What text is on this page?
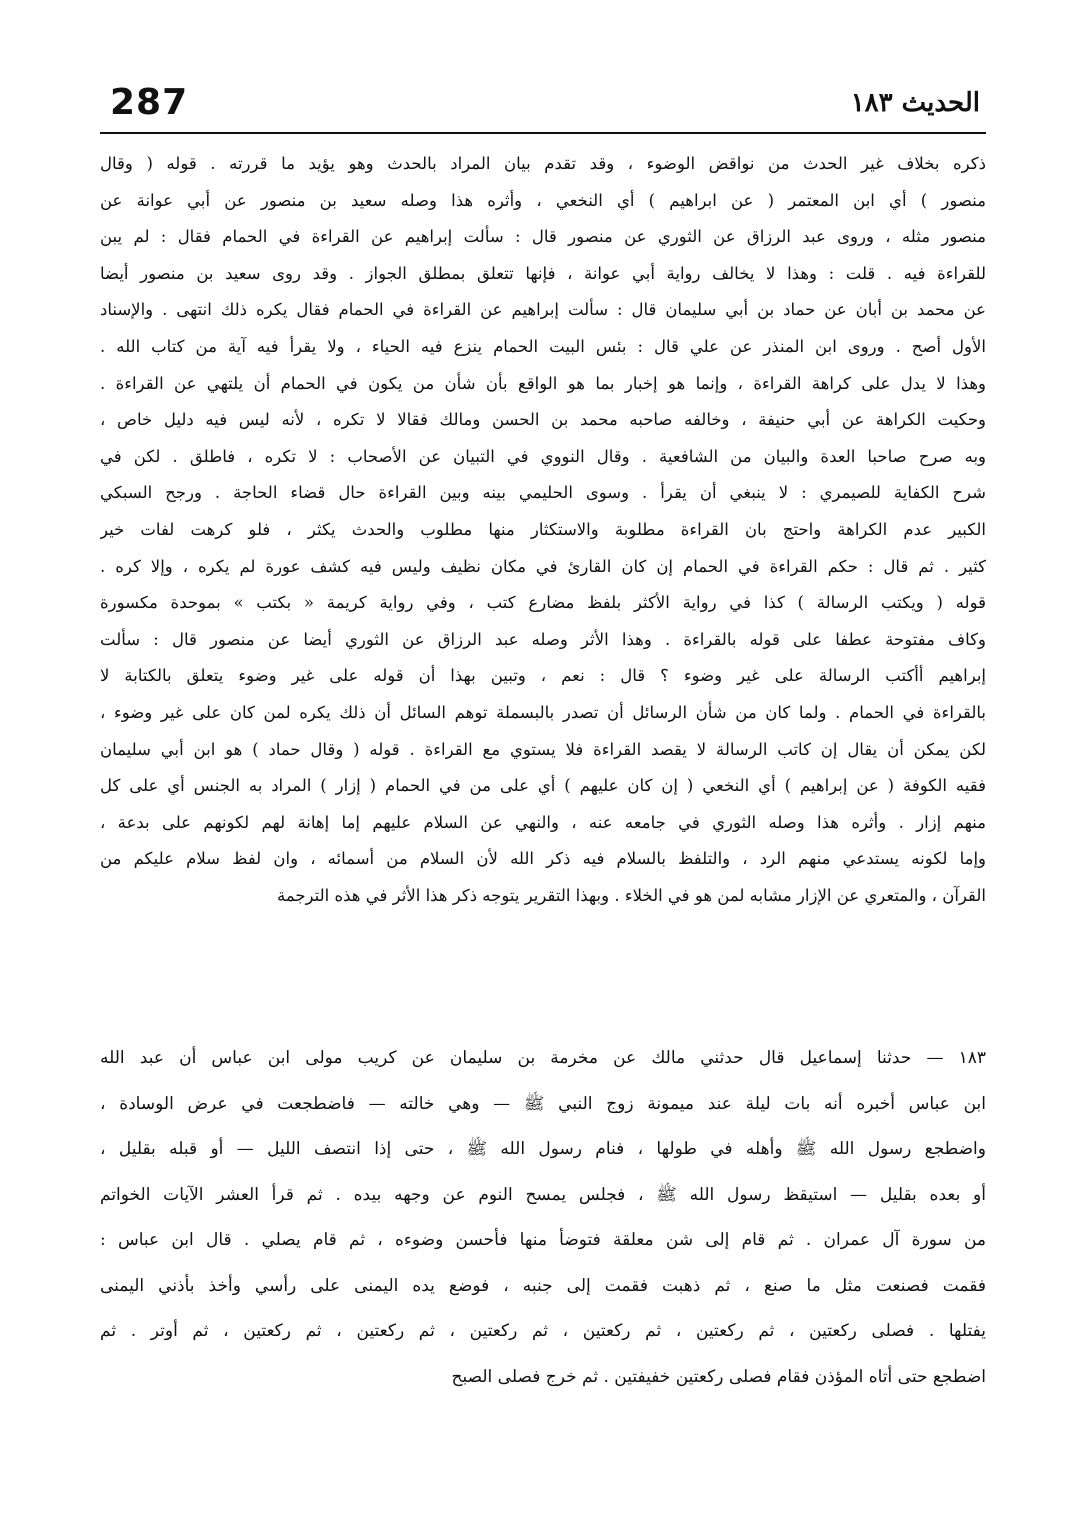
287	الحديث ١٨٣
ذكره بخلاف غير الحدث من نواقض الوضوء ، وقد تقدم بيان المراد بالحدث وهو يؤيد ما قررته . قوله ( وقال
منصور ) أي ابن المعتمر ( عن ابراهيم ) أي النخعي ، وأثره هذا وصله سعيد بن منصور عن أبي عوانة عن
منصور مثله ، وروى عبد الرزاق عن الثوري عن منصور قال : سألت إبراهيم عن القراءة في الحمام فقال : لم يبن
للقراءة فيه . قلت : وهذا لا يخالف رواية أبي عوانة ، فإنها تتعلق بمطلق الجواز . وقد روى سعيد بن منصور أيضا
عن محمد بن أبان عن حماد بن أبي سليمان قال : سألت إبراهيم عن القراءة في الحمام فقال يكره ذلك انتهى . والإسناد
الأول أصح . وروى ابن المنذر عن علي قال : بئس البيت الحمام ينزع فيه الحياء ، ولا يقرأ فيه آية من كتاب الله .
وهذا لا يدل على كراهة القراءة ، وإنما هو إخبار بما هو الواقع بأن شأن من يكون في الحمام أن يلتهي عن القراءة .
وحكيت الكراهة عن أبي حنيفة ، وخالفه صاحبه محمد بن الحسن ومالك فقالا لا تكره ، لأنه ليس فيه دليل خاص ،
وبه صرح صاحبا العدة والبيان من الشافعية . وقال النووي في التبيان عن الأصحاب : لا تكره ، فاطلق . لكن في
شرح الكفاية للصيمري : لا ينبغي أن يقرأ . وسوى الحليمي بينه وبين القراءة حال قضاء الحاجة . ورجح السبكي
الكبير عدم الكراهة واحتج بان القراءة مطلوبة والاستكثار منها مطلوب والحدث يكثر ، فلو كرهت لفات خير
كثير . ثم قال : حكم القراءة في الحمام إن كان القارئ في مكان نظيف وليس فيه كشف عورة لم يكره ، وإلا كره .
قوله ( ويكتب الرسالة ) كذا في رواية الأكثر بلفظ مضارع كتب ، وفي رواية كريمة « بكتب » بموحدة مكسورة
وكاف مفتوحة عطفا على قوله بالقراءة . وهذا الأثر وصله عبد الرزاق عن الثوري أيضا عن منصور قال : سألت
إبراهيم أأكتب الرسالة على غير وضوء ؟ قال : نعم ، وتبين بهذا أن قوله على غير وضوء يتعلق بالكتابة لا
بالقراءة في الحمام . ولما كان من شأن الرسائل أن تصدر بالبسملة توهم السائل أن ذلك يكره لمن كان على غير وضوء ،
لكن يمكن أن يقال إن كاتب الرسالة لا يقصد القراءة فلا يستوي مع القراءة . قوله ( وقال حماد ) هو ابن أبي سليمان
فقيه الكوفة ( عن إبراهيم ) أي النخعي ( إن كان عليهم ) أي على من في الحمام ( إزار ) المراد به الجنس أي على كل
منهم إزار . وأثره هذا وصله الثوري في جامعه عنه ، والنهي عن السلام عليهم إما إهانة لهم لكونهم على بدعة ،
وإما لكونه يستدعي منهم الرد ، والتلفظ بالسلام فيه ذكر الله لأن السلام من أسمائه ، وان لفظ سلام عليكم من
القرآن ، والمتعري عن الإزار مشابه لمن هو في الخلاء . وبهذا التقرير يتوجه ذكر هذا الأثر في هذه الترجمة
١٨٣ — حدثنا إسماعيل قال حدثني مالك عن مخرمة بن سليمان عن كريب مولى ابن عباس أن عبد الله
ابن عباس أخبره أنه بات ليلة عند ميمونة زوج النبي ﷺ — وهي خالته — فاضطجعت في عرض الوسادة ،
واضطجع رسول الله ﷺ وأهله في طولها ، فنام رسول الله ﷺ ، حتى إذا انتصف الليل — أو قبله بقليل ،
أو بعده بقليل — استيقظ رسول الله ﷺ ، فجلس يمسح النوم عن وجهه بيده . ثم قرأ العشر الآيات الخواتم
من سورة آل عمران . ثم قام إلى شن معلقة فتوضأ منها فأحسن وضوءه ، ثم قام يصلي . قال ابن عباس :
فقمت فصنعت مثل ما صنع ، ثم ذهبت فقمت إلى جنبه ، فوضع يده اليمنى على رأسي وأخذ بأذني اليمنى
يفتلها . فصلى ركعتين ، ثم ركعتين ، ثم ركعتين ، ثم ركعتين ، ثم ركعتين ، ثم ركعتين ، ثم أوتر . ثم
اضطجع حتى أتاه المؤذن فقام فصلى ركعتين خفيفتين . ثم خرج فصلى الصبح
